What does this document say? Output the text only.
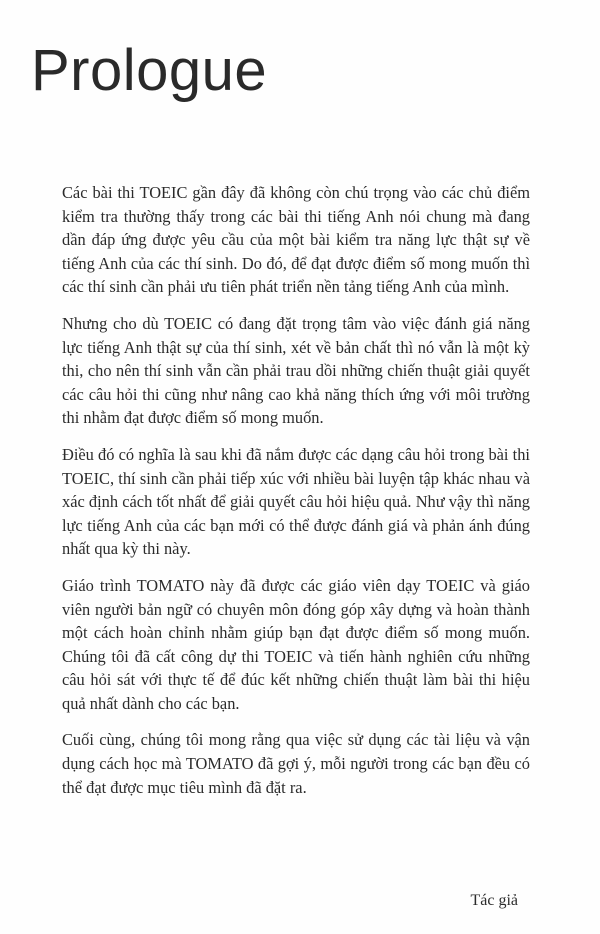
Prologue

Các bài thi TOEIC gần đây đã không còn chú trọng vào các chủ điểm kiểm tra thường thấy trong các bài thi tiếng Anh nói chung mà đang dần đáp ứng được yêu cầu của một bài kiểm tra năng lực thật sự về tiếng Anh của các thí sinh. Do đó, để đạt được điểm số mong muốn thì các thí sinh cần phải ưu tiên phát triển nền tảng tiếng Anh của mình.

Nhưng cho dù TOEIC có đang đặt trọng tâm vào việc đánh giá năng lực tiếng Anh thật sự của thí sinh, xét về bản chất thì nó vẫn là một kỳ thi, cho nên thí sinh vẫn cần phải trau dồi những chiến thuật giải quyết các câu hỏi thi cũng như nâng cao khả năng thích ứng với môi trường thi nhằm đạt được điểm số mong muốn.

Điều đó có nghĩa là sau khi đã nắm được các dạng câu hỏi trong bài thi TOEIC, thí sinh cần phải tiếp xúc với nhiều bài luyện tập khác nhau và xác định cách tốt nhất để giải quyết câu hỏi hiệu quả. Như vậy thì năng lực tiếng Anh của các bạn mới có thể được đánh giá và phản ánh đúng nhất qua kỳ thi này.

Giáo trình TOMATO này đã được các giáo viên dạy TOEIC và giáo viên người bản ngữ có chuyên môn đóng góp xây dựng và hoàn thành một cách hoàn chỉnh nhằm giúp bạn đạt được điểm số mong muốn. Chúng tôi đã cất công dự thi TOEIC và tiến hành nghiên cứu những câu hỏi sát với thực tế để đúc kết những chiến thuật làm bài thi hiệu quả nhất dành cho các bạn.

Cuối cùng, chúng tôi mong rằng qua việc sử dụng các tài liệu và vận dụng cách học mà TOMATO đã gợi ý, mỗi người trong các bạn đều có thể đạt được mục tiêu mình đã đặt ra.

Tác giả
